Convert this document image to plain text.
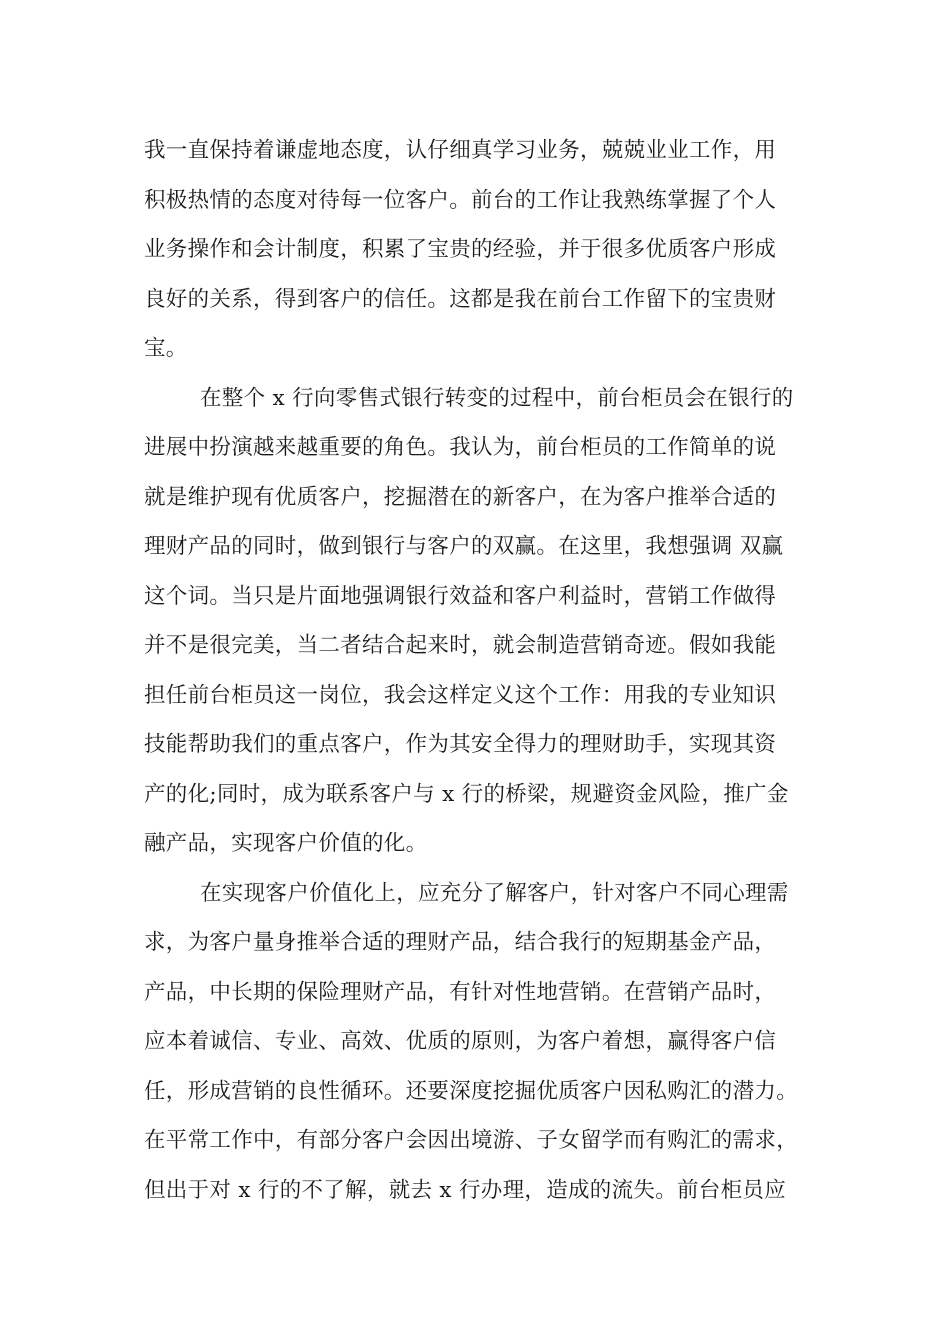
我一直保持着谦虚地态度，认仔细真学习业务，兢兢业业工作，用
积极热情的态度对待每一位客户。前台的工作让我熟练掌握了个人
业务操作和会计制度，积累了宝贵的经验，并于很多优质客户形成
良好的关系，得到客户的信任。这都是我在前台工作留下的宝贵财
宝。
在整个 x 行向零售式银行转变的过程中，前台柜员会在银行的
进展中扮演越来越重要的角色。我认为，前台柜员的工作简单的说
就是维护现有优质客户，挖掘潜在的新客户，在为客户推举合适的
理财产品的同时，做到银行与客户的双赢。在这里，我想强调 双赢
这个词。当只是片面地强调银行效益和客户利益时，营销工作做得
并不是很完美，当二者结合起来时，就会制造营销奇迹。假如我能
担任前台柜员这一岗位，我会这样定义这个工作：用我的专业知识
技能帮助我们的重点客户，作为其安全得力的理财助手，实现其资
产的化;同时，成为联系客户与 x 行的桥梁，规避资金风险，推广金
融产品，实现客户价值的化。
在实现客户价值化上，应充分了解客户，针对客户不同心理需
求，为客户量身推举合适的理财产品，结合我行的短期基金产品，
产品，中长期的保险理财产品，有针对性地营销。在营销产品时，
应本着诚信、专业、高效、优质的原则，为客户着想，赢得客户信
任，形成营销的良性循环。还要深度挖掘优质客户因私购汇的潜力。
在平常工作中，有部分客户会因出境游、子女留学而有购汇的需求，
但出于对 x 行的不了解，就去 x 行办理，造成的流失。前台柜员应
